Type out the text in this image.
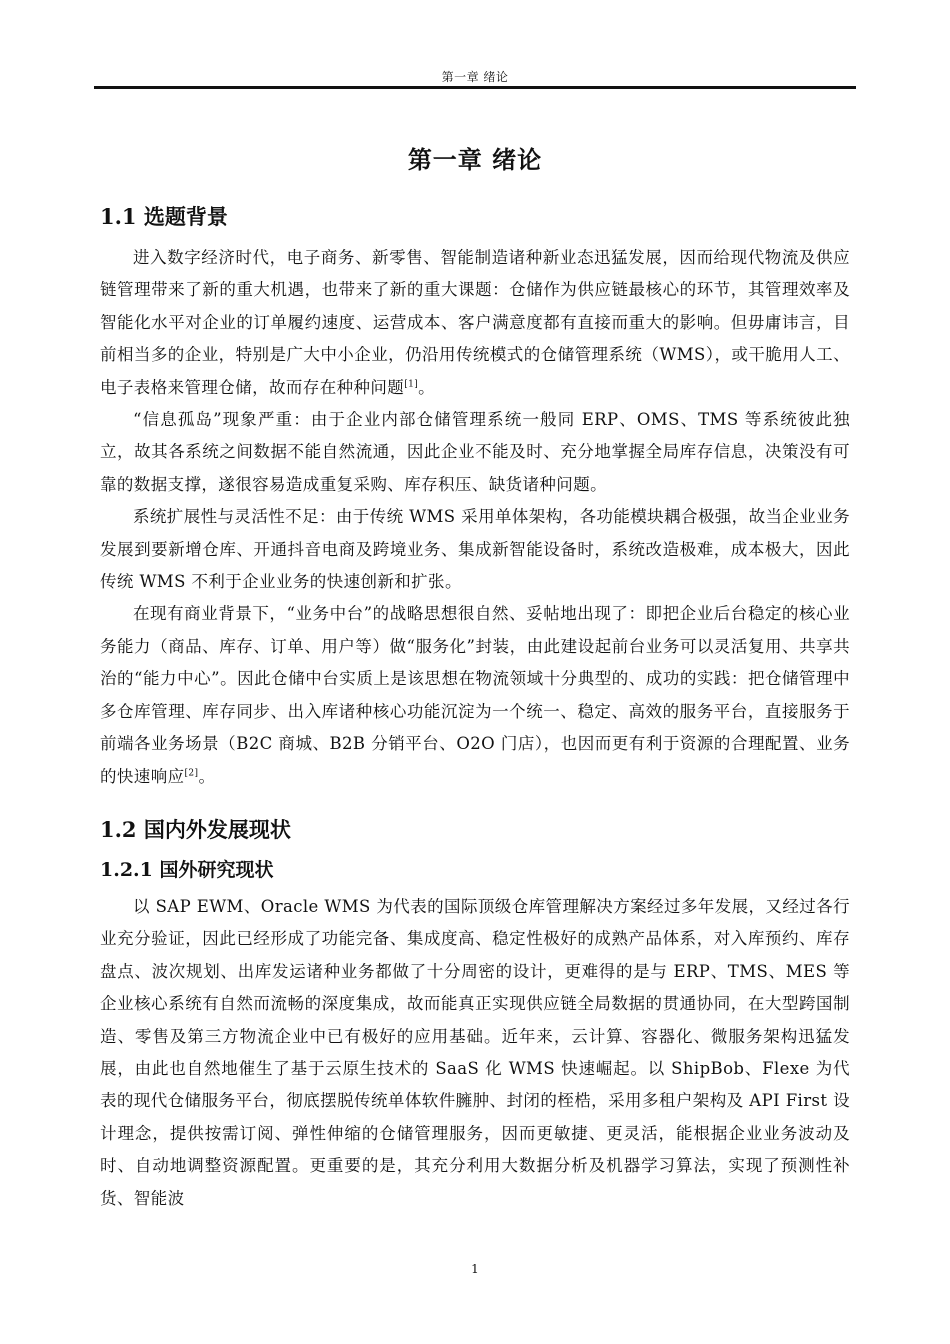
第一章 绪论
第一章 绪论
1.1 选题背景

进入数字经济时代，电子商务、新零售、智能制造诸种新业态迅猛发展，因而给现代物流及供应链管理带来了新的重大机遇，也带来了新的重大课题：仓储作为供应链最核心的环节，其管理效率及智能化水平对企业的订单履约速度、运营成本、客户满意度都有直接而重大的影响。但毋庸讳言，目前相当多的企业，特别是广大中小企业，仍沿用传统模式的仓储管理系统（WMS），或干脆用人工、电子表格来管理仓储，故而存在种种问题[1]。

“信息孤岛”现象严重：由于企业内部仓储管理系统一般同 ERP、OMS、TMS 等系统彼此独立，故其各系统之间数据不能自然流通，因此企业不能及时、充分地掌握全局库存信息，决策没有可靠的数据支撑，遂很容易造成重复采购、库存积压、缺货诸种问题。

系统扩展性与灵活性不足：由于传统 WMS 采用单体架构，各功能模块耦合极强，故当企业业务发展到要新增仓库、开通抖音电商及跨境业务、集成新智能设备时，系统改造极难，成本极大，因此传统 WMS 不利于企业业务的快速创新和扩张。

在现有商业背景下，“业务中台”的战略思想很自然、妥帖地出现了：即把企业后台稳定的核心业务能力（商品、库存、订单、用户等）做“服务化”封装，由此建设起前台业务可以灵活复用、共享共治的“能力中心”。因此仓储中台实质上是该思想在物流领域十分典型的、成功的实践：把仓储管理中多仓库管理、库存同步、出入库诸种核心功能沉淀为一个统一、稳定、高效的服务平台，直接服务于前端各业务场景（B2C 商城、B2B 分销平台、O2O 门店），也因而更有利于资源的合理配置、业务的快速响应[2]。

1.2 国内外发展现状
1.2.1 国外研究现状

以 SAP EWM、Oracle WMS 为代表的国际顶级仓库管理解决方案经过多年发展，又经过各行业充分验证，因此已经形成了功能完备、集成度高、稳定性极好的成熟产品体系，对入库预约、库存盘点、波次规划、出库发运诸种业务都做了十分周密的设计，更难得的是与 ERP、TMS、MES 等企业核心系统有自然而流畅的深度集成，故而能真正实现供应链全局数据的贯通协同，在大型跨国制造、零售及第三方物流企业中已有极好的应用基础。近年来，云计算、容器化、微服务架构迅猛发展，由此也自然地催生了基于云原生技术的 SaaS 化 WMS 快速崛起。以 ShipBob、Flexe 为代表的现代仓储服务平台，彻底摆脱传统单体软件臃肿、封闭的桎梏，采用多租户架构及 API First 设计理念，提供按需订阅、弹性伸缩的仓储管理服务，因而更敏捷、更灵活，能根据企业业务波动及时、自动地调整资源配置。更重要的是，其充分利用大数据分析及机器学习算法，实现了预测性补货、智能波

1
